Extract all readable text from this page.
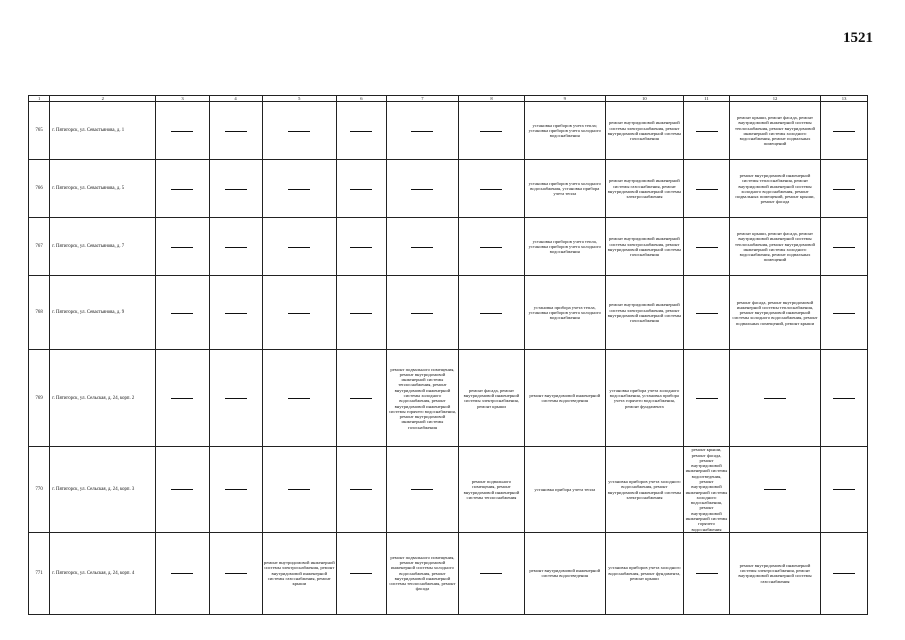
1521
1	2	3	4	5	6	7	8	9	10	11	12	13
765	г. Пятигорск, ул. Севастьянова, д. 1							установка приборов учета тепла; установка приборов учета холодного водоснабжения	ремонт внутридомовой инженерной системы электроснабжения, ремонт внутридомовой инженерной системы газоснабжения		ремонт крыши, ремонт фасада, ремонт внутридомовой инженерной системы теплоснабжения, ремонт внутридомовой инженерной системы холодного водоснабжения, ремонт подвальных помещений	
766	г. Пятигорск, ул. Севастьянова, д. 5							установка приборов учета холодного водоснабжения, установка прибора учета тепла	ремонт внутридомовой инженерной системы газоснабжения, ремонт внутридомовой инженерной системы электроснабжения		ремонт внутридомовой инженерной системы теплоснабжения, ремонт внутридомовой инженерной системы холодного водоснабжения, ремонт подвальных помещений, ремонт крыши, ремонт фасада	
767	г. Пятигорск, ул. Севастьянова, д. 7							установка приборов учета тепла, установка приборов учета холодного водоснабжения	ремонт внутридомовой инженерной системы электроснабжения, ремонт внутридомовой инженерной системы газоснабжения		ремонт крыши, ремонт фасада, ремонт внутридомовой инженерной системы теплоснабжения, ремонт внутридомовой инженерной системы холодного водоснабжения, ремонт подвальных помещений	
768	г. Пятигорск, ул. Севастьянова, д. 9							установка прибора учета тепла, установка приборов учета холодного водоснабжения	ремонт внутридомовой инженерной системы электроснабжения, ремонт внутридомовой инженерной системы газоснабжения		ремонт фасада, ремонт внутридомовой инженерной системы теплоснабжения, ремонт внутридомовой инженерной системы холодного водоснабжения, ремонт подвальных помещений, ремонт крыши	
769	г. Пятигорск, ул. Сельская, д. 24, корп. 2					ремонт подвального помещения, ремонт внутридомовой инженерной системы теплоснабжения, ремонт внутридомовой инженерной системы холодного водоснабжения, ремонт внутридомовой инженерной системы горячего водоснабжения, ремонт внутридомовой инженерной системы газоснабжения	ремонт фасада, ремонт внутридомовой инженерной системы электроснабжения, ремонт крыши	ремонт внутридомовой инженерной системы водоотведения	установка прибора учета холодного водоснабжения, установка прибора учета горячего водоснабжения, ремонт фундамента			
770	г. Пятигорск, ул. Сельская, д. 24, корп. 3						ремонт подвального помещения, ремонт внутридомовой инженерной системы теплоснабжения	установка прибора учета тепла	установка приборов учета холодного водоснабжения, ремонт внутридомовой инженерной системы электроснабжения	ремонт крыши, ремонт фасада, ремонт внутридомовой инженерной системы водоотведения, ремонт внутридомовой инженерной системы холодного водоснабжения, ремонт внутридомовой инженерной системы горячего водоснабжения		
771	г. Пятигорск, ул. Сельская, д. 24, корп. 4			ремонт внутридомовой инженерной системы электроснабжения, ремонт внутридомовой инженерной системы газоснабжения, ремонт крыши		ремонт подвального помещения, ремонт внутридомовой инженерной системы холодного водоснабжения, ремонт внутридомовой инженерной системы теплоснабжения, ремонт фасада		ремонт внутридомовой инженерной системы водоотведения	установка приборов учета холодного водоснабжения, ремонт фундамента, ремонт крыши		ремонт внутридомовой инженерной системы электроснабжения, ремонт внутридомовой инженерной системы газоснабжения	
